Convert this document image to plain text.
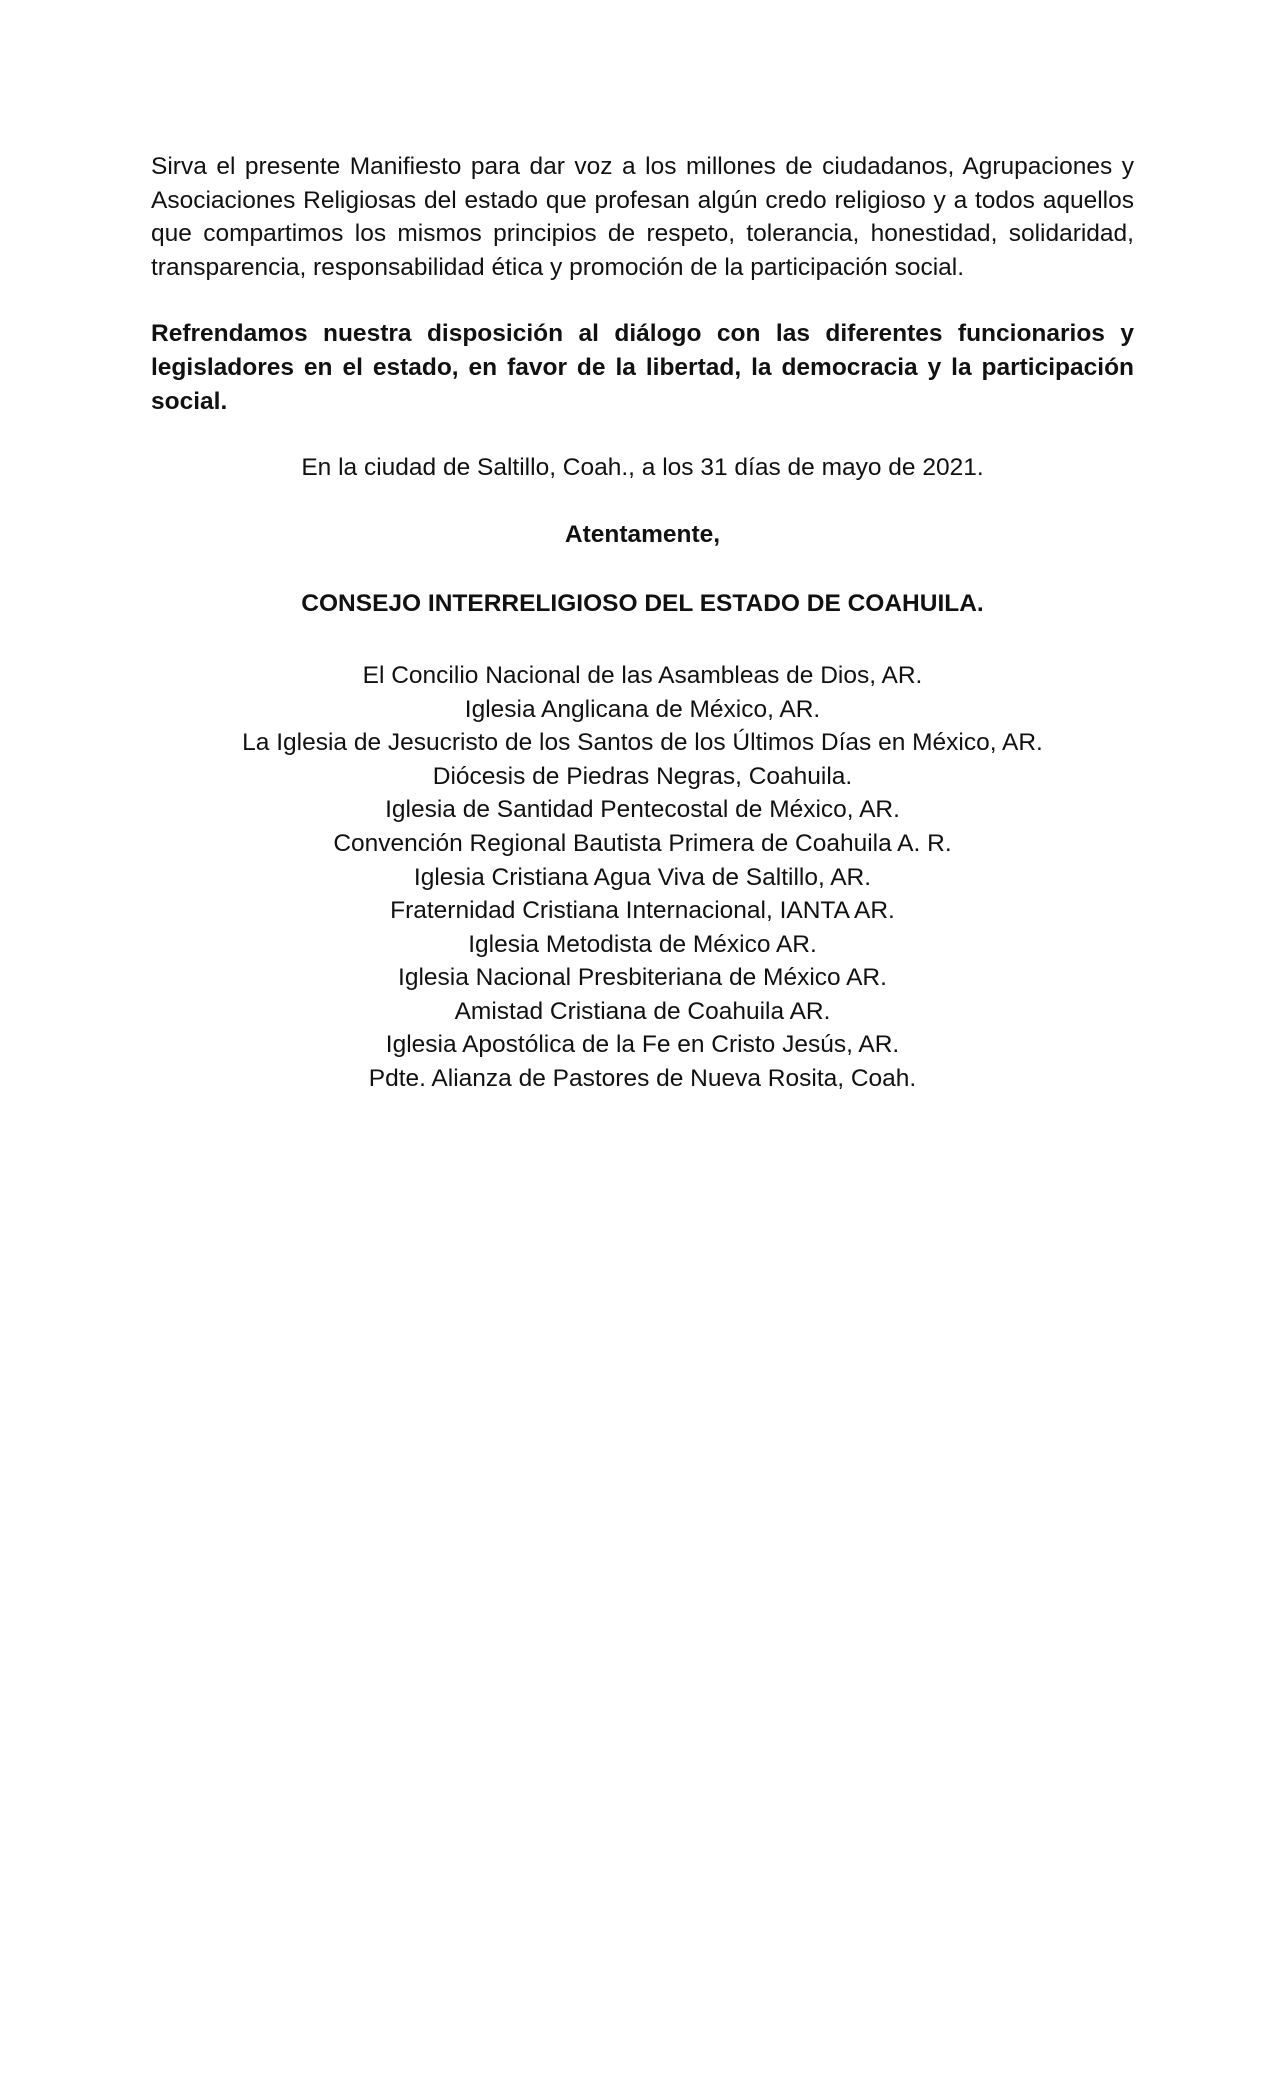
Sirva el presente Manifiesto para dar voz a los millones de ciudadanos, Agrupaciones y Asociaciones Religiosas del estado que profesan algún credo religioso y a todos aquellos que compartimos los mismos principios de respeto, tolerancia, honestidad, solidaridad, transparencia, responsabilidad ética y promoción de la participación social.

Refrendamos nuestra disposición al diálogo con las diferentes funcionarios y legisladores en el estado, en favor de la libertad, la democracia y la participación social.

En la ciudad de Saltillo, Coah., a los 31 días de mayo de 2021.

Atentamente,

CONSEJO INTERRELIGIOSO DEL ESTADO DE COAHUILA.

El Concilio Nacional de las Asambleas de Dios, AR.
Iglesia Anglicana de México, AR.
La Iglesia de Jesucristo de los Santos de los Últimos Días en México, AR.
Diócesis de Piedras Negras, Coahuila.
Iglesia de Santidad Pentecostal de México, AR.
Convención Regional Bautista Primera de Coahuila A. R.
Iglesia Cristiana Agua Viva de Saltillo, AR.
Fraternidad Cristiana Internacional, IANTA AR.
Iglesia Metodista de México AR.
Iglesia Nacional Presbiteriana de México AR.
Amistad Cristiana de Coahuila AR.
Iglesia Apostólica de la Fe en Cristo Jesús, AR.
Pdte. Alianza de Pastores de Nueva Rosita, Coah.
